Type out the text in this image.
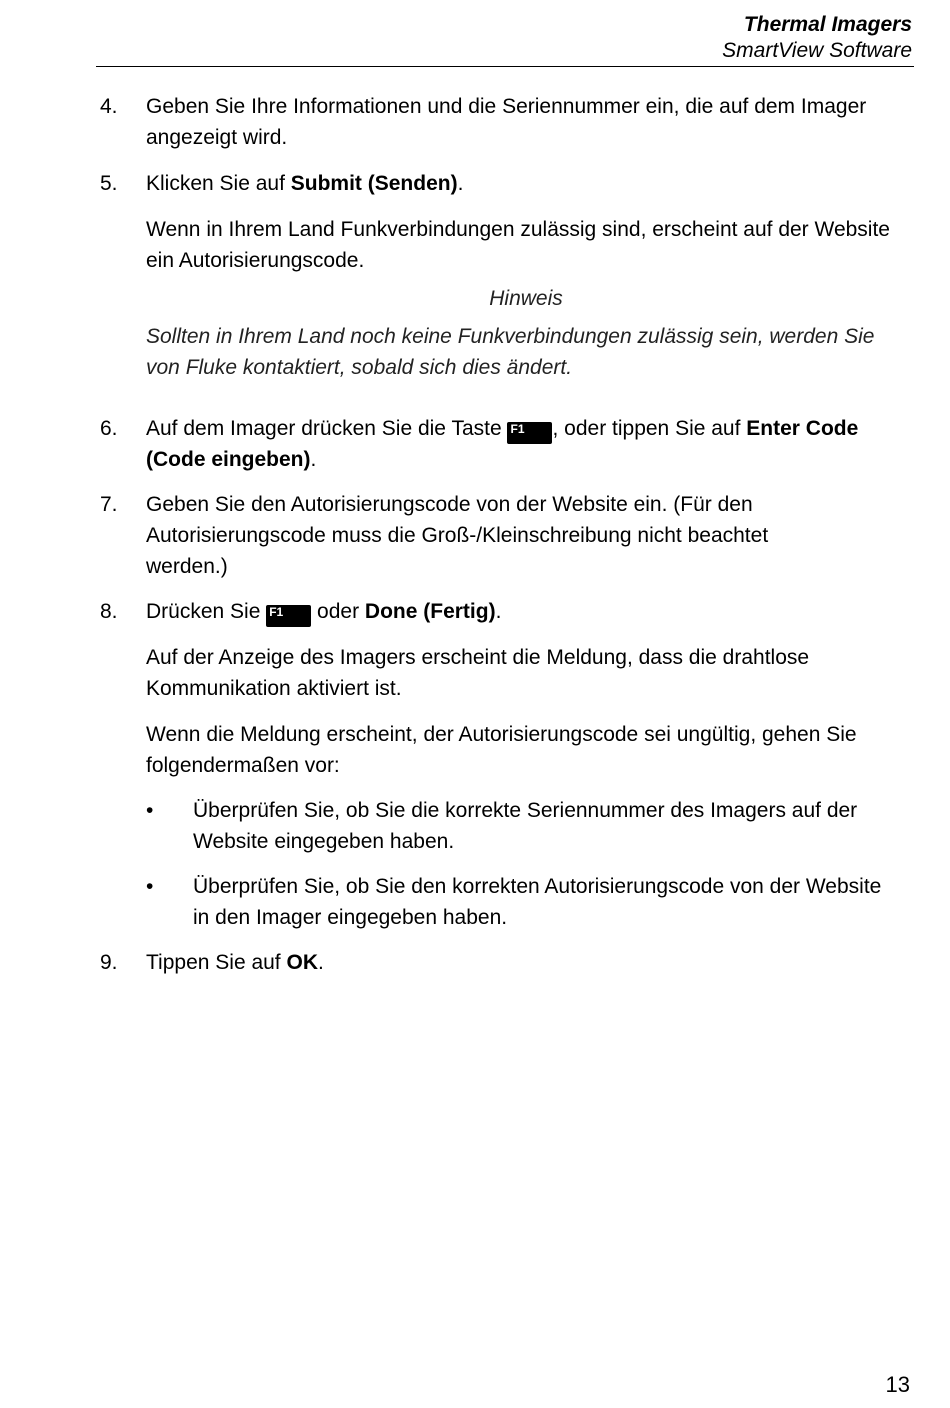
Thermal Imagers
SmartView Software
4. Geben Sie Ihre Informationen und die Seriennummer ein, die auf dem Imager angezeigt wird.
5. Klicken Sie auf Submit (Senden).
Wenn in Ihrem Land Funkverbindungen zulässig sind, erscheint auf der Website ein Autorisierungscode.
Hinweis
Sollten in Ihrem Land noch keine Funkverbindungen zulässig sein, werden Sie von Fluke kontaktiert, sobald sich dies ändert.
6. Auf dem Imager drücken Sie die Taste F1 , oder tippen Sie auf Enter Code (Code eingeben).
7. Geben Sie den Autorisierungscode von der Website ein. (Für den Autorisierungscode muss die Groß-/Kleinschreibung nicht beachtet werden.)
8. Drücken Sie F1 oder Done (Fertig).
Auf der Anzeige des Imagers erscheint die Meldung, dass die drahtlose Kommunikation aktiviert ist.
Wenn die Meldung erscheint, der Autorisierungscode sei ungültig, gehen Sie folgendermaßen vor:
• Überprüfen Sie, ob Sie die korrekte Seriennummer des Imagers auf der Website eingegeben haben.
• Überprüfen Sie, ob Sie den korrekten Autorisierungscode von der Website in den Imager eingegeben haben.
9. Tippen Sie auf OK.
13
